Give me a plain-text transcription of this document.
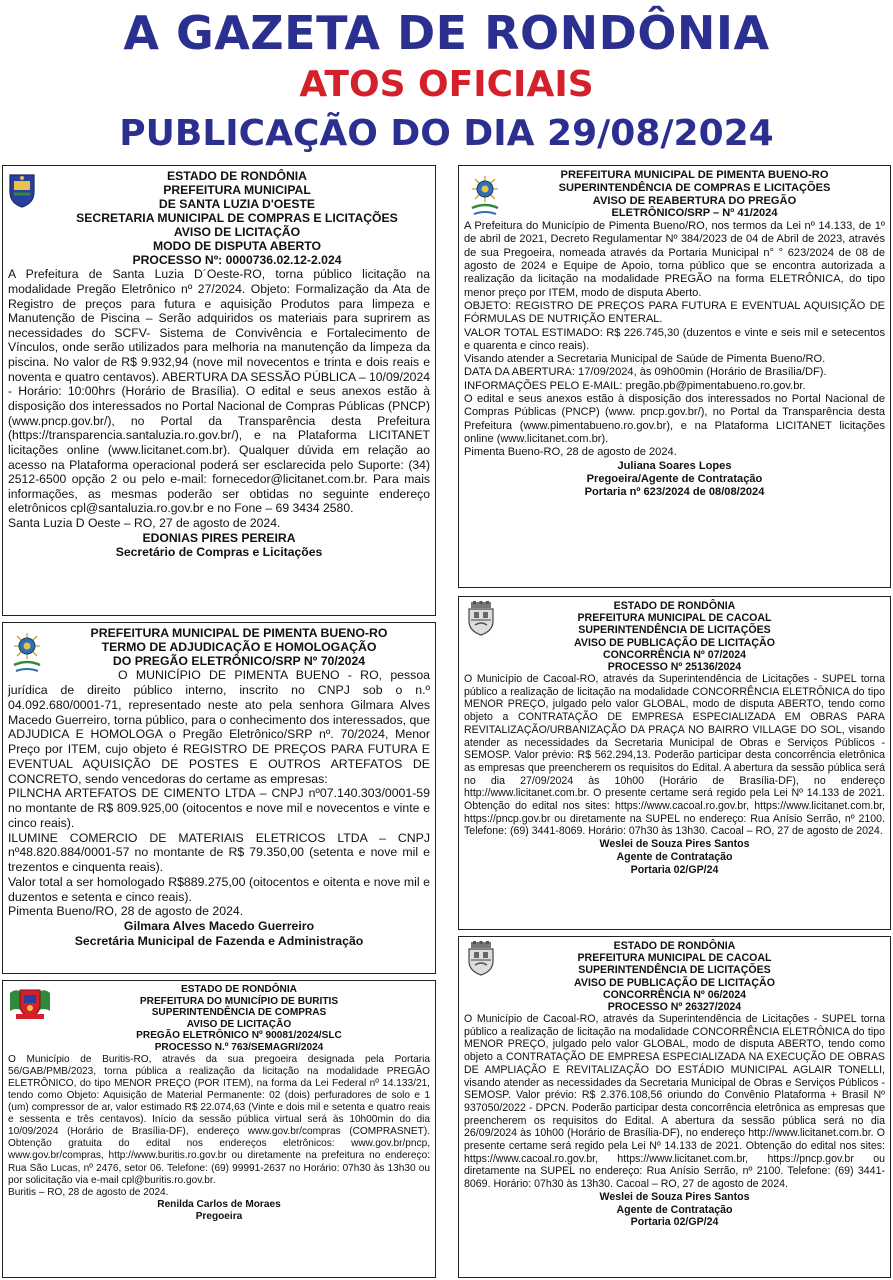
A GAZETA DE RONDÔNIA
ATOS OFICIAIS
PUBLICAÇÃO DO DIA 29/08/2024
ESTADO DE RONDÔNIA
PREFEITURA MUNICIPAL
DE SANTA LUZIA D'OESTE
SECRETARIA MUNICIPAL DE COMPRAS E LICITAÇÕES
AVISO DE LICITAÇÃO
MODO DE DISPUTA ABERTO
PROCESSO Nº: 0000736.02.12-2.024

A Prefeitura de Santa Luzia D´Oeste-RO, torna público licitação na modalidade Pregão Eletrônico nº 27/2024. Objeto: Formalização da Ata de Registro de preços para futura e aquisição Produtos para limpeza e Manutenção de Piscina – Serão adquiridos os materiais para suprirem as necessidades do SCFV- Sistema de Convivência e Fortalecimento de Vínculos, onde serão utilizados para melhoria na manutenção da limpeza da piscina. No valor de R$ 9.932,94 (nove mil novecentos e trinta e dois reais e noventa e quatro centavos). ABERTURA DA SESSÃO PÚBLICA – 10/09/2024 - Horário: 10:00hrs (Horário de Brasília). O edital e seus anexos estão à disposição dos interessados no Portal Nacional de Compras Públicas (PNCP) (www.pncp.gov.br/), no Portal da Transparência desta Prefeitura (https://transparencia.santaluzia.ro.gov.br/), e na Plataforma LICITANET licitações online (www.licitanet.com.br). Qualquer dúvida em relação ao acesso na Plataforma operacional poderá ser esclarecida pelo Suporte: (34) 2512-6500 opção 2 ou pelo e-mail: fornecedor@licitanet.com.br. Para mais informações, as mesmas poderão ser obtidas no seguinte endereço eletrônicos cpl@santaluzia.ro.gov.br e no Fone – 69 3434 2580.

Santa Luzia D Oeste – RO, 27 de agosto de 2024.

EDONIAS PIRES PEREIRA
Secretário de Compras e Licitações
PREFEITURA MUNICIPAL DE PIMENTA BUENO-RO
TERMO DE ADJUDICAÇÃO E HOMOLOGAÇÃO
DO PREGÃO ELETRÔNICO/SRP Nº 70/2024

O MUNICÍPIO DE PIMENTA BUENO - RO, pessoa jurídica de direito público interno, inscrito no CNPJ sob o n.º 04.092.680/0001-71, representado neste ato pela senhora Gilmara Alves Macedo Guerreiro, torna público, para o conhecimento dos interessados, que ADJUDICA E HOMOLOGA o Pregão Eletrônico/SRP nº. 70/2024, Menor Preço por ITEM, cujo objeto é REGISTRO DE PREÇOS PARA FUTURA E EVENTUAL AQUISIÇÃO DE POSTES E OUTROS ARTEFATOS DE CONCRETO, sendo vencedoras do certame as empresas:

PILNCHA ARTEFATOS DE CIMENTO LTDA – CNPJ nº07.140.303/0001-59 no montante de R$ 809.925,00 (oitocentos e nove mil e novecentos e vinte e cinco reais).

ILUMINE COMERCIO DE MATERIAIS ELETRICOS LTDA – CNPJ nº48.820.884/0001-57 no montante de R$ 79.350,00 (setenta e nove mil e trezentos e cinquenta reais).

Valor total a ser homologado R$889.275,00 (oitocentos e oitenta e nove mil e duzentos e setenta e cinco reais).

Pimenta Bueno/RO, 28 de agosto de 2024.

Gilmara Alves Macedo Guerreiro
Secretária Municipal de Fazenda e Administração
ESTADO DE RONDÔNIA
PREFEITURA DO MUNICÍPIO DE BURITIS
SUPERINTENDÊNCIA DE COMPRAS
AVISO DE LICITAÇÃO
PREGÃO ELETRÔNICO Nº 90081/2024/SLC
PROCESSO N.º 763/SEMAGRI/2024

O Município de Buritis-RO, através da sua pregoeira designada pela Portaria 56/GAB/PMB/2023, torna pública a realização da licitação na modalidade PREGÃO ELETRÔNICO, do tipo MENOR PREÇO (POR ITEM), na forma da Lei Federal nº 14.133/21, tendo como Objeto: Aquisição de Material Permanente: 02 (dois) perfuradores de solo e 1 (um) compressor de ar, valor estimado R$ 22.074,63 (Vinte e dois mil e setenta e quatro reais e sessenta e três centavos). Início da sessão pública virtual será às 10h00min do dia 10/09/2024 (Horário de Brasília-DF), endereço www.gov.br/compras (COMPRASNET). Obtenção gratuita do edital nos endereços eletrônicos: www.gov.br/pncp, www.gov.br/compras, http://www.buritis.ro.gov.br ou diretamente na prefeitura no endereço: Rua São Lucas, nº 2476, setor 06. Telefone: (69) 99991-2637 no Horário: 07h30 às 13h30 ou por solicitação via e-mail cpl@buritis.ro.gov.br.

Buritis – RO, 28 de agosto de 2024.

Renilda Carlos de Moraes
Pregoeira
PREFEITURA MUNICIPAL DE PIMENTA BUENO-RO
SUPERINTENDÊNCIA DE COMPRAS E LICITAÇÕES
AVISO DE REABERTURA DO PREGÃO
ELETRÔNICO/SRP – Nº 41/2024

A Prefeitura do Município de Pimenta Bueno/RO, nos termos da Lei nº 14.133, de 1º de abril de 2021, Decreto Regulamentar Nº 384/2023 de 04 de Abril de 2023, através de sua Pregoeira, nomeada através da Portaria Municipal n° ° 623/2024 de 08 de agosto de 2024 e Equipe de Apoio, torna público que se encontra autorizada a realização da licitação na modalidade PREGÃO na forma ELETRÔNICA, do tipo menor preço por ITEM, modo de disputa Aberto.

OBJETO: REGISTRO DE PREÇOS PARA FUTURA E EVENTUAL AQUISIÇÃO DE FÓRMULAS DE NUTRIÇÃO ENTERAL.

VALOR TOTAL ESTIMADO: R$ 226.745,30 (duzentos e vinte e seis mil e setecentos e quarenta e cinco reais).

Visando atender a Secretaria Municipal de Saúde de Pimenta Bueno/RO.

DATA DA ABERTURA: 17/09/2024, às 09h00min (Horário de Brasília/DF).

INFORMAÇÕES PELO E-MAIL: pregão.pb@pimentabueno.ro.gov.br.

O edital e seus anexos estão à disposição dos interessados no Portal Nacional de Compras Públicas (PNCP) (www. pncp.gov.br/), no Portal da Transparência desta Prefeitura (www.pimentabueno.ro.gov.br), e na Plataforma LICITANET licitações online (www.licitanet.com.br).

Pimenta Bueno-RO, 28 de agosto de 2024.

Juliana Soares Lopes
Pregoeira/Agente de Contratação
Portaria nº 623/2024 de 08/08/2024
ESTADO DE RONDÔNIA
PREFEITURA MUNICIPAL DE CACOAL
SUPERINTENDÊNCIA DE LICITAÇÕES
AVISO DE PUBLICAÇÃO DE LICITAÇÃO
CONCORRÊNCIA Nº 07/2024
PROCESSO Nº 25136/2024

O Município de Cacoal-RO, através da Superintendência de Licitações - SUPEL torna público a realização de licitação na modalidade CONCORRÊNCIA ELETRÔNICA do tipo MENOR PREÇO, julgado pelo valor GLOBAL, modo de disputa ABERTO, tendo como objeto a CONTRATAÇÃO DE EMPRESA ESPECIALIZADA EM OBRAS PARA REVITALIZAÇÃO/URBANIZAÇÃO DA PRAÇA NO BAIRRO VILLAGE DO SOL, visando atender as necessidades da Secretaria Municipal de Obras e Serviços Públicos - SEMOSP. Valor prévio: R$ 562.294,13. Poderão participar desta concorrência eletrônica as empresas que preencherem os requisitos do Edital. A abertura da sessão pública será no dia 27/09/2024 às 10h00 (Horário de Brasília-DF), no endereço http://www.licitanet.com.br. O presente certame será regido pela Lei Nº 14.133 de 2021. Obtenção do edital nos sites: https://www.cacoal.ro.gov.br, https://www.licitanet.com.br, https://pncp.gov.br ou diretamente na SUPEL no endereço: Rua Anísio Serrão, nº 2100. Telefone: (69) 3441-8069. Horário: 07h30 às 13h30. Cacoal – RO, 27 de agosto de 2024.

Weslei de Souza Pires Santos
Agente de Contratação
Portaria 02/GP/24
ESTADO DE RONDÔNIA
PREFEITURA MUNICIPAL DE CACOAL
SUPERINTENDÊNCIA DE LICITAÇÕES
AVISO DE PUBLICAÇÃO DE LICITAÇÃO
CONCORRÊNCIA Nº 06/2024
PROCESSO Nº 26327/2024

O Município de Cacoal-RO, através da Superintendência de Licitações - SUPEL torna público a realização de licitação na modalidade CONCORRÊNCIA ELETRÔNICA do tipo MENOR PREÇO, julgado pelo valor GLOBAL, modo de disputa ABERTO, tendo como objeto a CONTRATAÇÃO DE EMPRESA ESPECIALIZADA NA EXECUÇÃO DE OBRAS DE AMPLIAÇÃO E REVITALIZAÇÃO DO ESTÁDIO MUNICIPAL AGLAIR TONELLI, visando atender as necessidades da Secretaria Municipal de Obras e Serviços Públicos - SEMOSP. Valor prévio: R$ 2.376.108,56 oriundo do Convênio Plataforma + Brasil Nº 937050/2022 - DPCN. Poderão participar desta concorrência eletrônica as empresas que preencherem os requisitos do Edital. A abertura da sessão pública será no dia 26/09/2024 às 10h00 (Horário de Brasília-DF), no endereço http://www.licitanet.com.br. O presente certame será regido pela Lei Nº 14.133 de 2021. Obtenção do edital nos sites: https://www.cacoal.ro.gov.br, https://www.licitanet.com.br, https://pncp.gov.br ou diretamente na SUPEL no endereço: Rua Anísio Serrão, nº 2100. Telefone: (69) 3441-8069. Horário: 07h30 às 13h30. Cacoal – RO, 27 de agosto de 2024.

Weslei de Souza Pires Santos
Agente de Contratação
Portaria 02/GP/24
